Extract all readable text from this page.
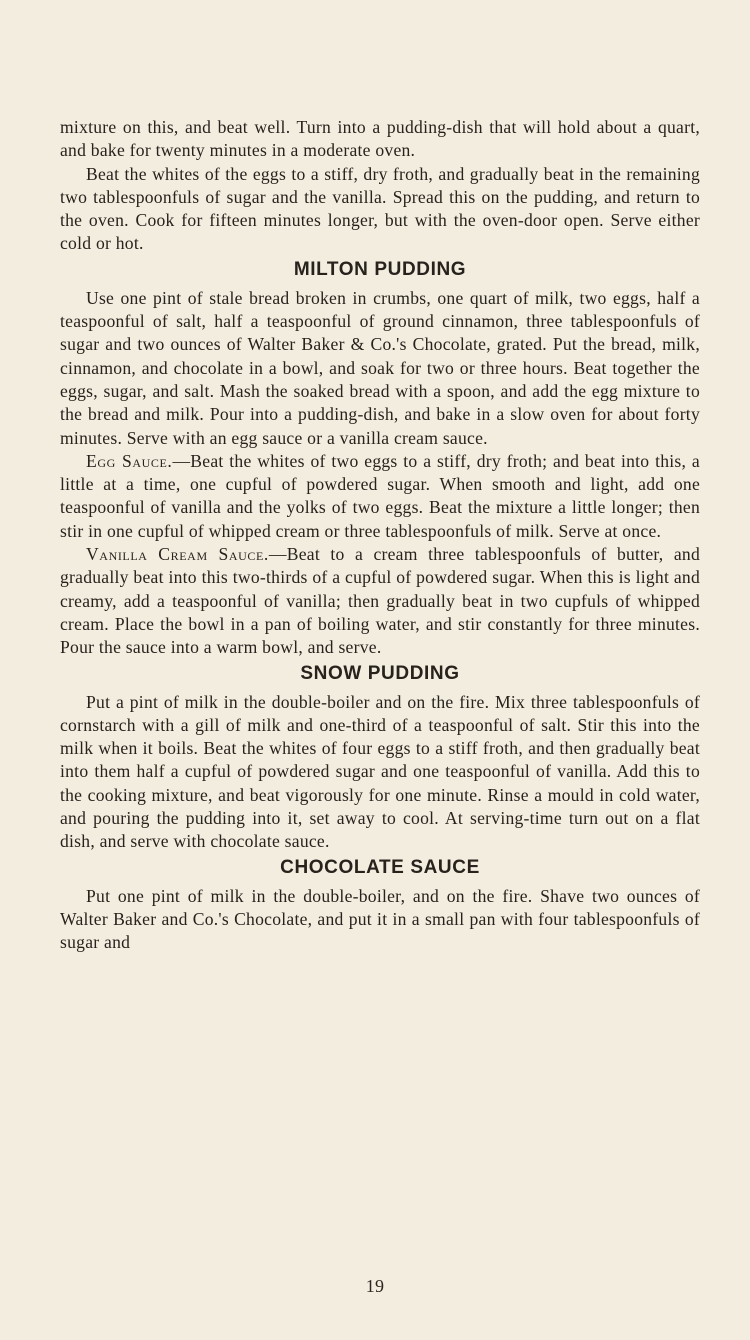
mixture on this, and beat well. Turn into a pudding-dish that will hold about a quart, and bake for twenty minutes in a moderate oven.

Beat the whites of the eggs to a stiff, dry froth, and gradually beat in the remaining two tablespoonfuls of sugar and the vanilla. Spread this on the pudding, and return to the oven. Cook for fifteen minutes longer, but with the oven-door open. Serve either cold or hot.

MILTON PUDDING

Use one pint of stale bread broken in crumbs, one quart of milk, two eggs, half a teaspoonful of salt, half a teaspoonful of ground cinnamon, three tablespoonfuls of sugar and two ounces of Walter Baker & Co.'s Chocolate, grated. Put the bread, milk, cinnamon, and chocolate in a bowl, and soak for two or three hours. Beat together the eggs, sugar, and salt. Mash the soaked bread with a spoon, and add the egg mixture to the bread and milk. Pour into a pudding-dish, and bake in a slow oven for about forty minutes. Serve with an egg sauce or a vanilla cream sauce.

Egg Sauce.—Beat the whites of two eggs to a stiff, dry froth; and beat into this, a little at a time, one cupful of powdered sugar. When smooth and light, add one teaspoonful of vanilla and the yolks of two eggs. Beat the mixture a little longer; then stir in one cupful of whipped cream or three tablespoonfuls of milk. Serve at once.

Vanilla Cream Sauce.—Beat to a cream three tablespoonfuls of butter, and gradually beat into this two-thirds of a cupful of powdered sugar. When this is light and creamy, add a teaspoonful of vanilla; then gradually beat in two cupfuls of whipped cream. Place the bowl in a pan of boiling water, and stir constantly for three minutes. Pour the sauce into a warm bowl, and serve.

SNOW PUDDING

Put a pint of milk in the double-boiler and on the fire. Mix three tablespoonfuls of cornstarch with a gill of milk and one-third of a teaspoonful of salt. Stir this into the milk when it boils. Beat the whites of four eggs to a stiff froth, and then gradually beat into them half a cupful of powdered sugar and one teaspoonful of vanilla. Add this to the cooking mixture, and beat vigorously for one minute. Rinse a mould in cold water, and pouring the pudding into it, set away to cool. At serving-time turn out on a flat dish, and serve with chocolate sauce.

CHOCOLATE SAUCE

Put one pint of milk in the double-boiler, and on the fire. Shave two ounces of Walter Baker and Co.'s Chocolate, and put it in a small pan with four tablespoonfuls of sugar and

19
